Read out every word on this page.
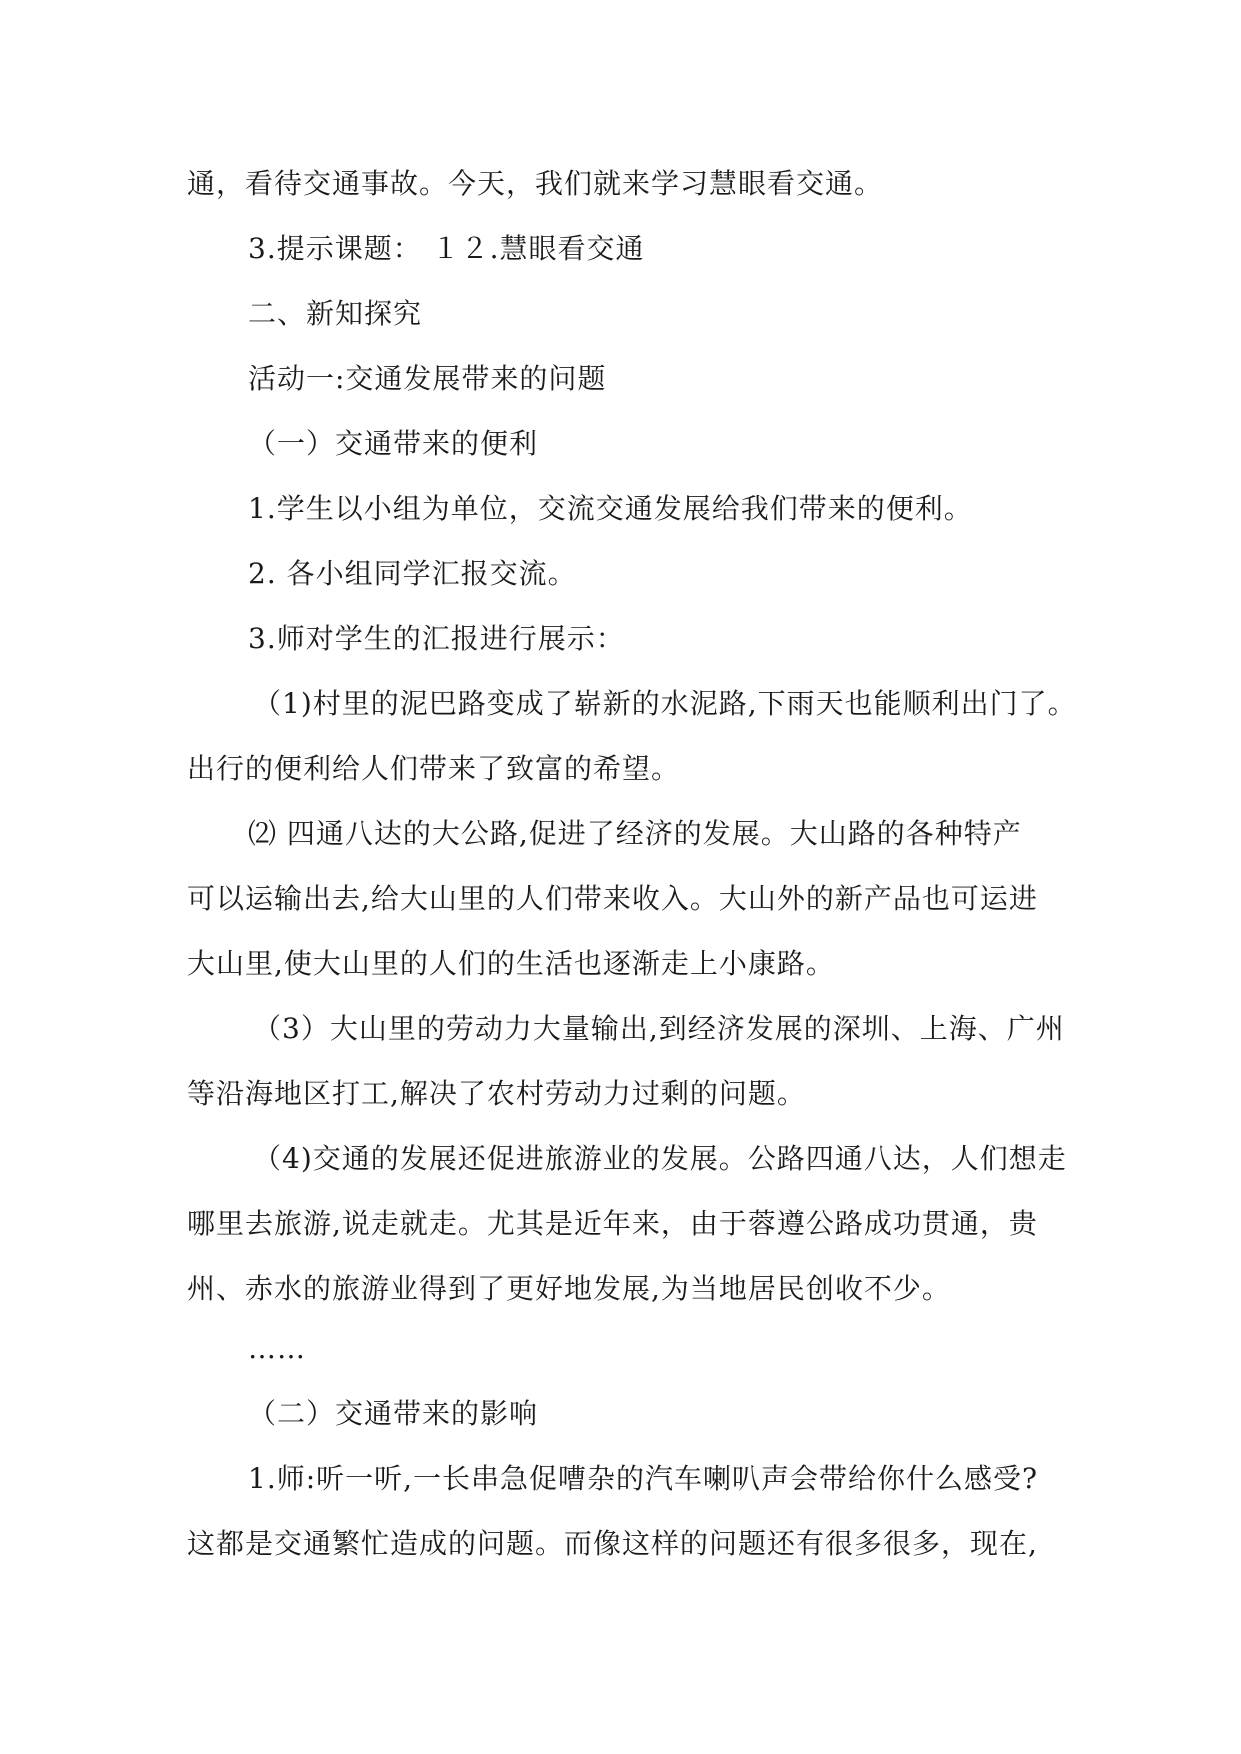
通，看待交通事故。今天，我们就来学习慧眼看交通。
3.提示课题： １２.慧眼看交通
二、新知探究
活动一:交通发展带来的问题
（一）交通带来的便利
1.学生以小组为单位，交流交通发展给我们带来的便利。
2. 各小组同学汇报交流。
3.师对学生的汇报进行展示：
（1)村里的泥巴路变成了崭新的水泥路,下雨天也能顺利出门了。
出行的便利给人们带来了致富的希望。
⑵ 四通八达的大公路,促进了经济的发展。大山路的各种特产
可以运输出去,给大山里的人们带来收入。大山外的新产品也可运进
大山里,使大山里的人们的生活也逐渐走上小康路。
（3）大山里的劳动力大量输出,到经济发展的深圳、上海、广州
等沿海地区打工,解决了农村劳动力过剩的问题。
（4)交通的发展还促进旅游业的发展。公路四通八达，人们想走
哪里去旅游,说走就走。尤其是近年来，由于蓉遵公路成功贯通，贵
州、赤水的旅游业得到了更好地发展,为当地居民创收不少。
……
（二）交通带来的影响
1.师:听一听,一长串急促嘈杂的汽车喇叭声会带给你什么感受?
这都是交通繁忙造成的问题。而像这样的问题还有很多很多，现在,
